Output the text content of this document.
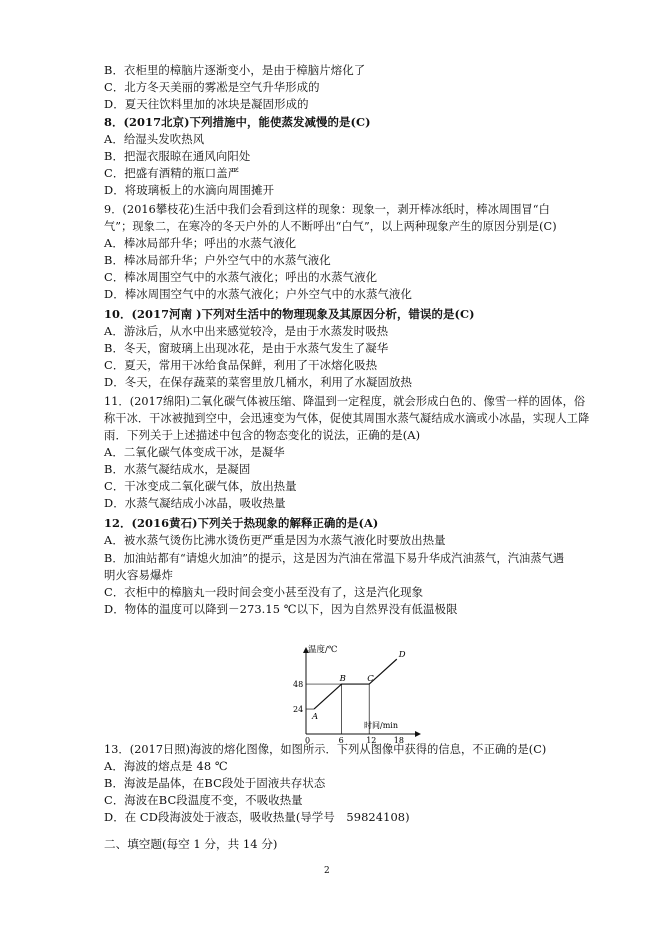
B．衣柜里的樟脑片逐渐变小，是由于樟脑片熔化了
C．北方冬天美丽的雾凇是空气升华形成的
D．夏天往饮料里加的冰块是凝固形成的
8．(2017北京)下列措施中，能使蒸发减慢的是(C)
A．给湿头发吹热风
B．把湿衣服晾在通风向阳处
C．把盛有酒精的瓶口盖严
D．将玻璃板上的水滴向周围摊开
9．(2016攀枝花)生活中我们会看到这样的现象：现象一，剥开棒冰纸时，棒冰周围冒“白
气”；现象二，在寒冷的冬天户外的人不断呼出“白气”，以上两种现象产生的原因分别是(C)
A．棒冰局部升华；呼出的水蒸气液化
B．棒冰局部升华；户外空气中的水蒸气液化
C．棒冰周围空气中的水蒸气液化；呼出的水蒸气液化
D．棒冰周围空气中的水蒸气液化；户外空气中的水蒸气液化
10．(2017河南 )下列对生活中的物理现象及其原因分析，错误的是(C)
A．游泳后，从水中出来感觉较冷，是由于水蒸发时吸热
B．冬天，窗玻璃上出现冰花，是由于水蒸气发生了凝华
C．夏天，常用干冰给食品保鲜，利用了干冰熔化吸热
D．冬天，在保存蔬菜的菜窖里放几桶水，利用了水凝固放热
11．(2017绵阳)二氧化碳气体被压缩、降温到一定程度，就会形成白色的、像雪一样的固体，俗
称干冰．干冰被抛到空中，会迅速变为气体，促使其周围水蒸气凝结成水滴或小冰晶，实现人工降
雨．下列关于上述描述中包含的物态变化的说法，正确的是(A)
A．二氧化碳气体变成干冰，是凝华
B．水蒸气凝结成水，是凝固
C．干冰变成二氧化碳气体，放出热量
D．水蒸气凝结成小冰晶，吸收热量
12．(2016黄石)下列关于热现象的解释正确的是(A)
A．被水蒸气烫伤比沸水烫伤更严重是因为水蒸气液化时要放出热量
B．加油站都有“请熄火加油”的提示，这是因为汽油在常温下易升华成汽油蒸气，汽油蒸气遇
明火容易爆炸
C．衣柜中的樟脑丸一段时间会变小甚至没有了，这是汽化现象
D．物体的温度可以降到－273.15 ℃以下，因为自然界没有低温极限
温度/℃
时间/min
48
24
0	6	12 18
A
B	C
D
13．(2017日照)海波的熔化图像，如图所示．下列从图像中获得的信息，不正确的是(C)
A．海波的熔点是 48 ℃
B．海波是晶体，在BC段处于固液共存状态
C．海波在BC段温度不变，不吸收热量
D．在 CD段海波处于液态，吸收热量(导学号　59824108)
二、填空题(每空 1 分，共 14 分)
2
